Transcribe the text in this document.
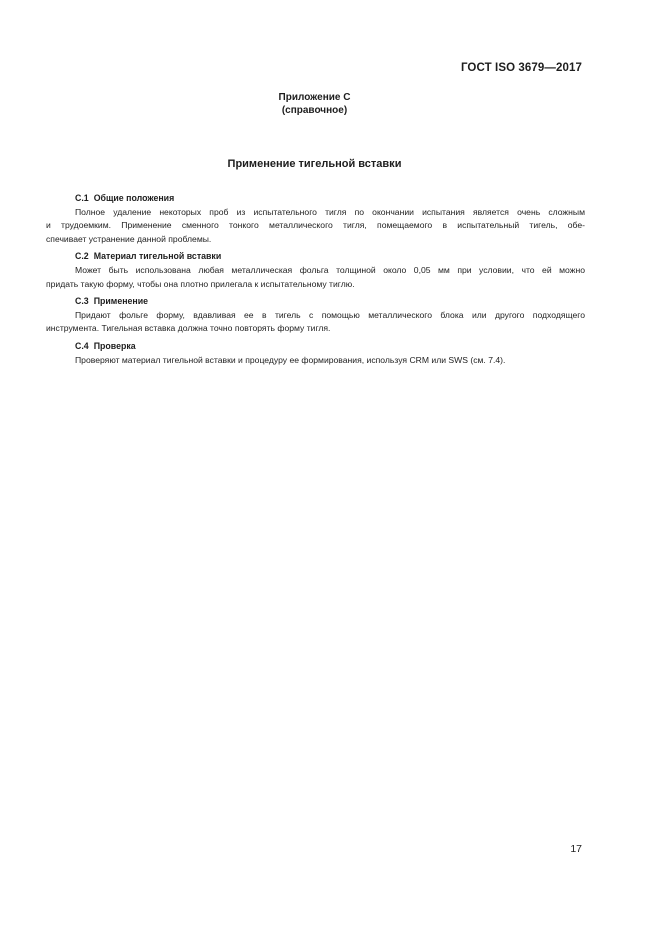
ГОСТ ISO 3679—2017
Приложение С
(справочное)
Применение тигельной вставки
С.1 Общие положения
Полное удаление некоторых проб из испытательного тигля по окончании испытания является очень сложным
и трудоемким. Применение сменного тонкого металлического тигля, помещаемого в испытательный тигель, обе-
спечивает устранение данной проблемы.
С.2 Материал тигельной вставки
Может быть использована любая металлическая фольга толщиной около 0,05 мм при условии, что ей можно
придать такую форму, чтобы она плотно прилегала к испытательному тиглю.
С.3 Применение
Придают фольге форму, вдавливая ее в тигель с помощью металлического блока или другого подходящего
инструмента. Тигельная вставка должна точно повторять форму тигля.
С.4 Проверка
Проверяют материал тигельной вставки и процедуру ее формирования, используя CRM или SWS (см. 7.4).
17
